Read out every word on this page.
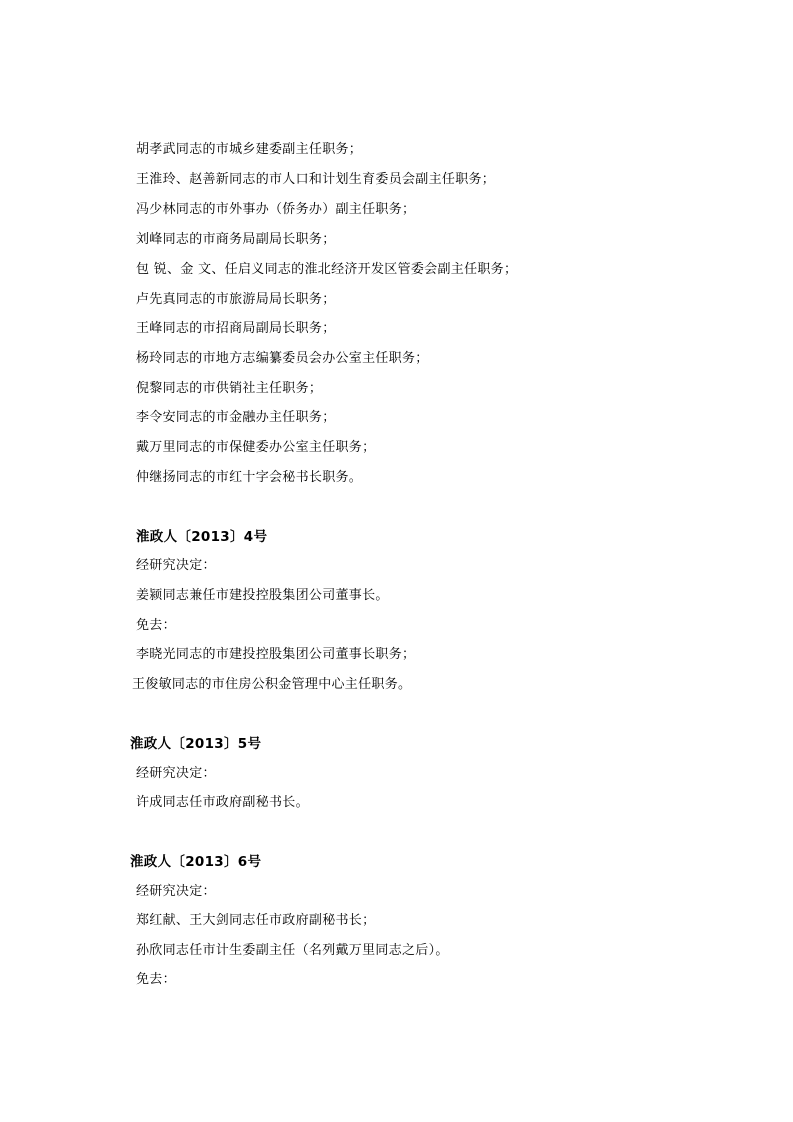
胡孝武同志的市城乡建委副主任职务；
王淮玲、赵善新同志的市人口和计划生育委员会副主任职务；
冯少林同志的市外事办（侨务办）副主任职务；
刘峰同志的市商务局副局长职务；
包 锐、金 文、任启义同志的淮北经济开发区管委会副主任职务；
卢先真同志的市旅游局局长职务；
王峰同志的市招商局副局长职务；
杨玲同志的市地方志编纂委员会办公室主任职务；
倪黎同志的市供销社主任职务；
李令安同志的市金融办主任职务；
戴万里同志的市保健委办公室主任职务；
仲继扬同志的市红十字会秘书长职务。
淮政人〔2013〕4号
经研究决定：
姜颍同志兼任市建投控股集团公司董事长。
免去：
李晓光同志的市建投控股集团公司董事长职务；
王俊敏同志的市住房公积金管理中心主任职务。
淮政人〔2013〕5号
经研究决定：
许成同志任市政府副秘书长。
淮政人〔2013〕6号
经研究决定：
郑红献、王大剑同志任市政府副秘书长；
孙欣同志任市计生委副主任（名列戴万里同志之后）。
免去：
